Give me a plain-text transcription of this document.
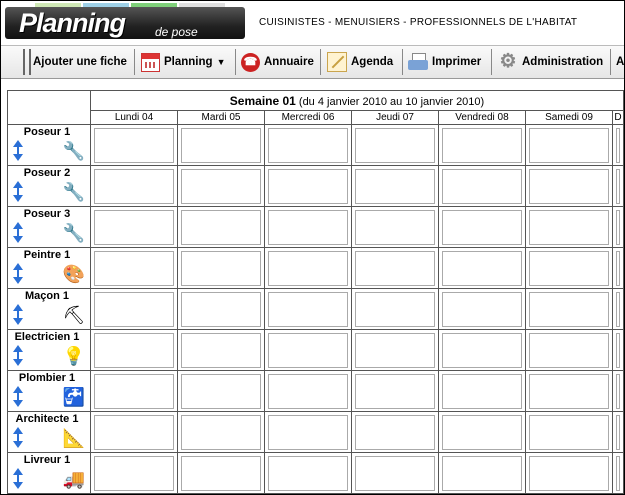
Planning	de pose
CUISINISTES - MENUISIERS - PROFESSIONNELS DE L'HABITAT
Ajouter une fiche	Planning ▼ ☎ Annuaire	Agenda	Imprimer ⚙ Administration A
	Semaine 01 (du 4 janvier 2010 au 10 janvier 2010)						
	Lundi 04	Mardi 05	Mercredi 06	Jeudi 07	Vendredi 08	Samedi 09	D

Poseur 1
🔧							

Poseur 2
🔧							

Poseur 3
🔧							

Peintre 1
🎨							

Maçon 1
⛏							

Electricien 1
💡							

Plombier 1
🚰							

Architecte 1
📐							

Livreur 1
🚚							
